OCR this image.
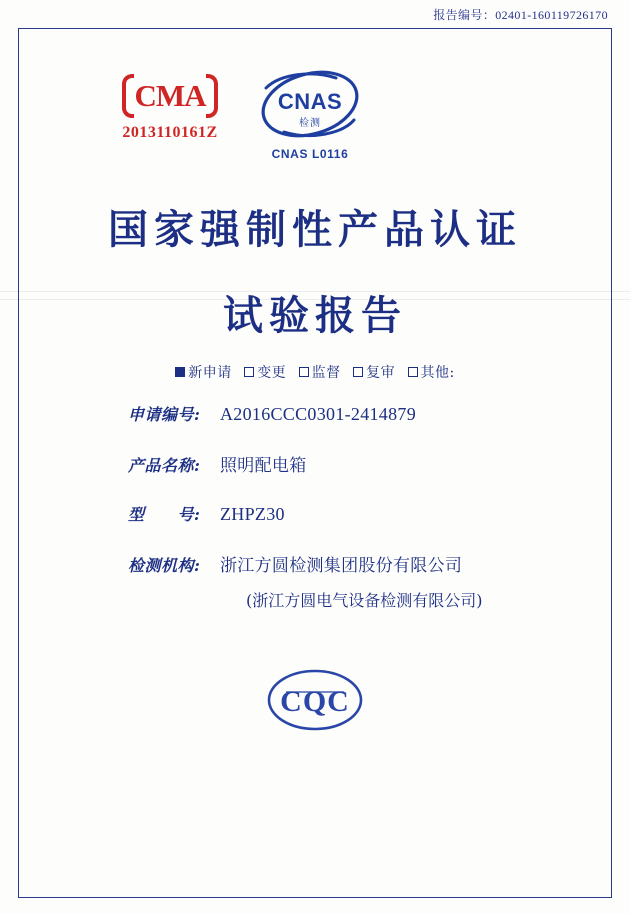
报告编号：02401-160119726170
CMA
2013110161Z
CNAS
检测
CNAS L0116
国家强制性产品认证
试验报告
新申请 变更 监督 复审 其他:
申请编号:	A2016CCC0301-2414879
产品名称:	照明配电箱
型　　号:	ZHPZ30
检测机构:	浙江方圆检测集团股份有限公司
(浙江方圆电气设备检测有限公司)
CQC
